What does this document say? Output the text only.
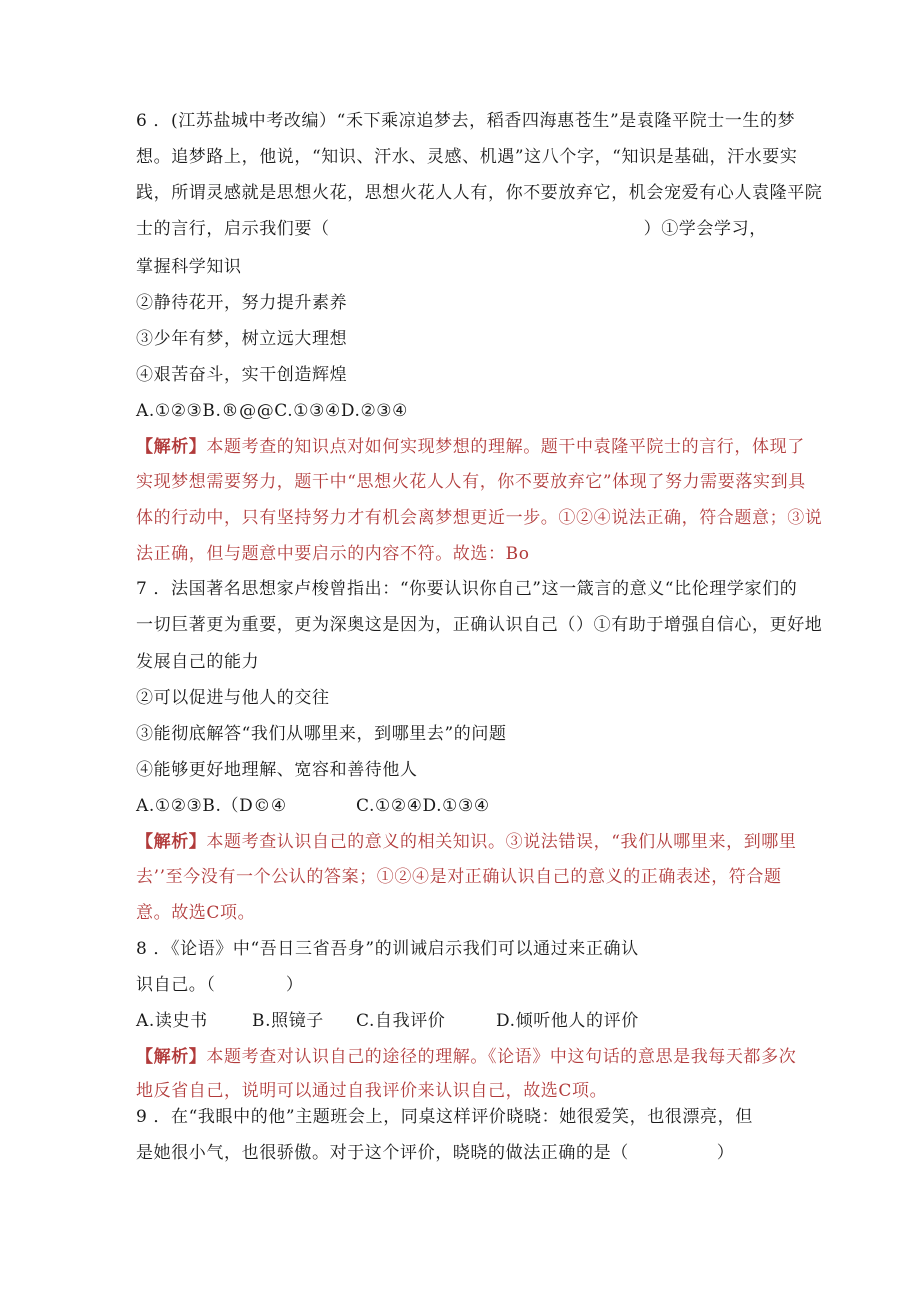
6 ．(江苏盐城中考改编）“禾下乘凉追梦去，稻香四海惠苍生”是袁隆平院士一生的梦
想。追梦路上，他说，“知识、汗水、灵感、机遇”这八个字，“知识是基础，汗水要实
践，所谓灵感就是思想火花，思想火花人人有，你不要放弃它，机会宠爱有心人袁隆平院
士的言行，启示我们要（	）①学会学习，
掌握科学知识
②静待花开，努力提升素养
③少年有梦，树立远大理想
④艰苦奋斗，实干创造辉煌
A.①②③B.®@@C.①③④D.②③④
【解析】本题考查的知识点对如何实现梦想的理解。题干中袁隆平院士的言行，体现了
实现梦想需要努力，题干中“思想火花人人有，你不要放弃它”体现了努力需要落实到具
体的行动中，只有坚持努力才有机会离梦想更近一步。①②④说法正确，符合题意；③说
法正确，但与题意中要启示的内容不符。故选：Bo
7 ．法国著名思想家卢梭曾指出：“你要认识你自己”这一箴言的意义“比伦理学家们的
一切巨著更为重要，更为深奥这是因为，正确认识自己（）①有助于增强自信心，更好地
发展自己的能力
②可以促进与他人的交往
③能彻底解答“我们从哪里来，到哪里去”的问题
④能够更好地理解、宽容和善待他人
A.①②③B.（D©④	C.①②④D.①③④
【解析】本题考查认识自己的意义的相关知识。③说法错误，“我们从哪里来，到哪里
去’’至今没有一个公认的答案；①②④是对正确认识自己的意义的正确表述，符合题
意。故选C项。
8 ．《论语》中“吾日三省吾身”的训诫启示我们可以通过来正确认
识自己。（　　　　）
A.读史书	B.照镜子 C.自我评价	D.倾听他人的评价
【解析】本题考查对认识自己的途径的理解。《论语》中这句话的意思是我每天都多次
地反省自己，说明可以通过自我评价来认识自己，故选C项。
9 ．在“我眼中的他”主题班会上，同桌这样评价晓晓：她很爱笑，也很漂亮，但
是她很小气，也很骄傲。对于这个评价，晓晓的做法正确的是（　　　　　）
